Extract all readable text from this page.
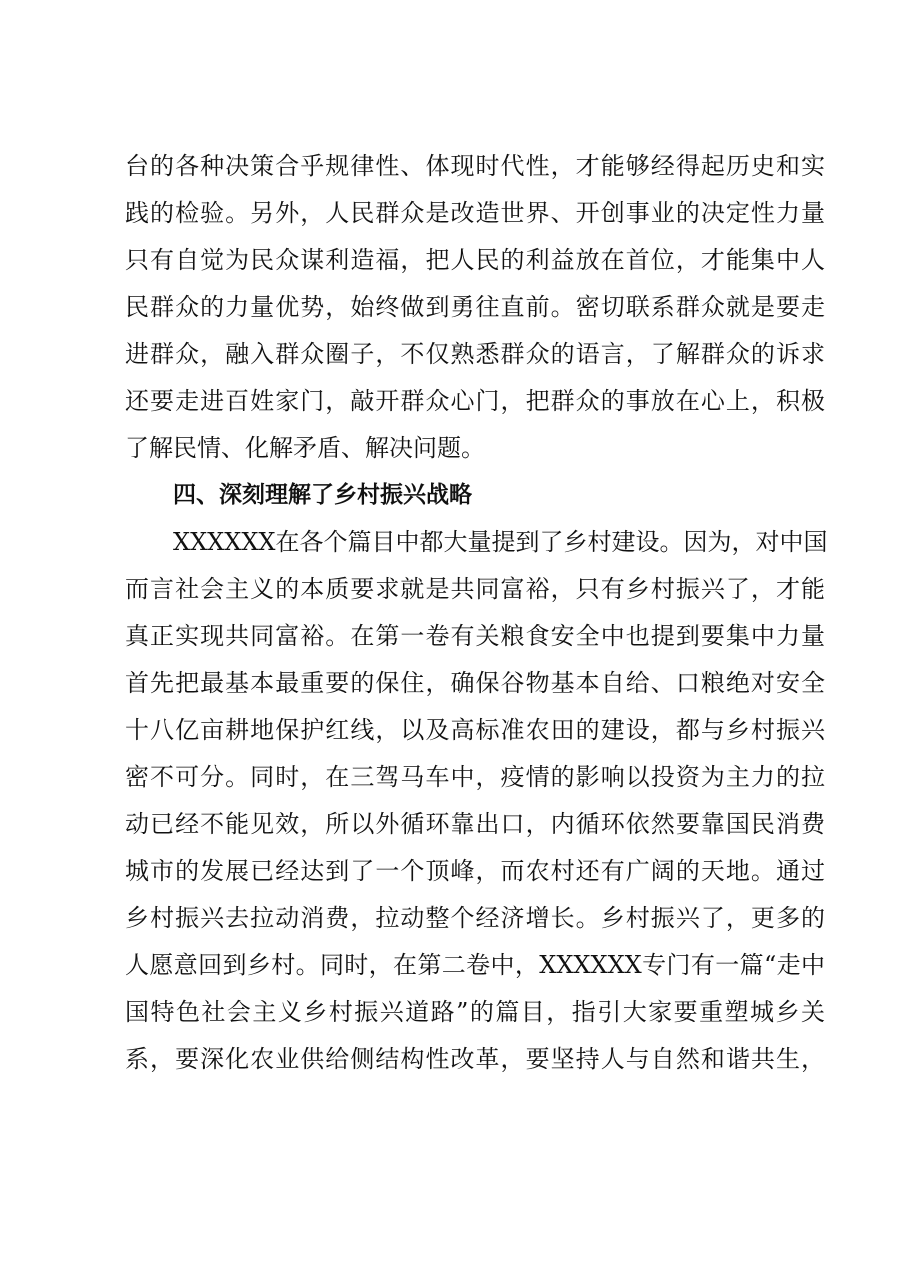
台的各种决策合乎规律性、体现时代性，才能够经得起历史和实
践的检验。另外，人民群众是改造世界、开创事业的决定性力量
只有自觉为民众谋利造福，把人民的利益放在首位，才能集中人
民群众的力量优势，始终做到勇往直前。密切联系群众就是要走
进群众，融入群众圈子，不仅熟悉群众的语言，了解群众的诉求
还要走进百姓家门，敲开群众心门，把群众的事放在心上，积极
了解民情、化解矛盾、解决问题。
四、深刻理解了乡村振兴战略
XXXXXX在各个篇目中都大量提到了乡村建设。因为，对中国
而言社会主义的本质要求就是共同富裕，只有乡村振兴了，才能
真正实现共同富裕。在第一卷有关粮食安全中也提到要集中力量
首先把最基本最重要的保住，确保谷物基本自给、口粮绝对安全
十八亿亩耕地保护红线，以及高标准农田的建设，都与乡村振兴
密不可分。同时，在三驾马车中，疫情的影响以投资为主力的拉
动已经不能见效，所以外循环靠出口，内循环依然要靠国民消费
城市的发展已经达到了一个顶峰，而农村还有广阔的天地。通过
乡村振兴去拉动消费，拉动整个经济增长。乡村振兴了，更多的
人愿意回到乡村。同时，在第二卷中，XXXXXX专门有一篇“走中
国特色社会主义乡村振兴道路”的篇目，指引大家要重塑城乡关
系，要深化农业供给侧结构性改革，要坚持人与自然和谐共生，
